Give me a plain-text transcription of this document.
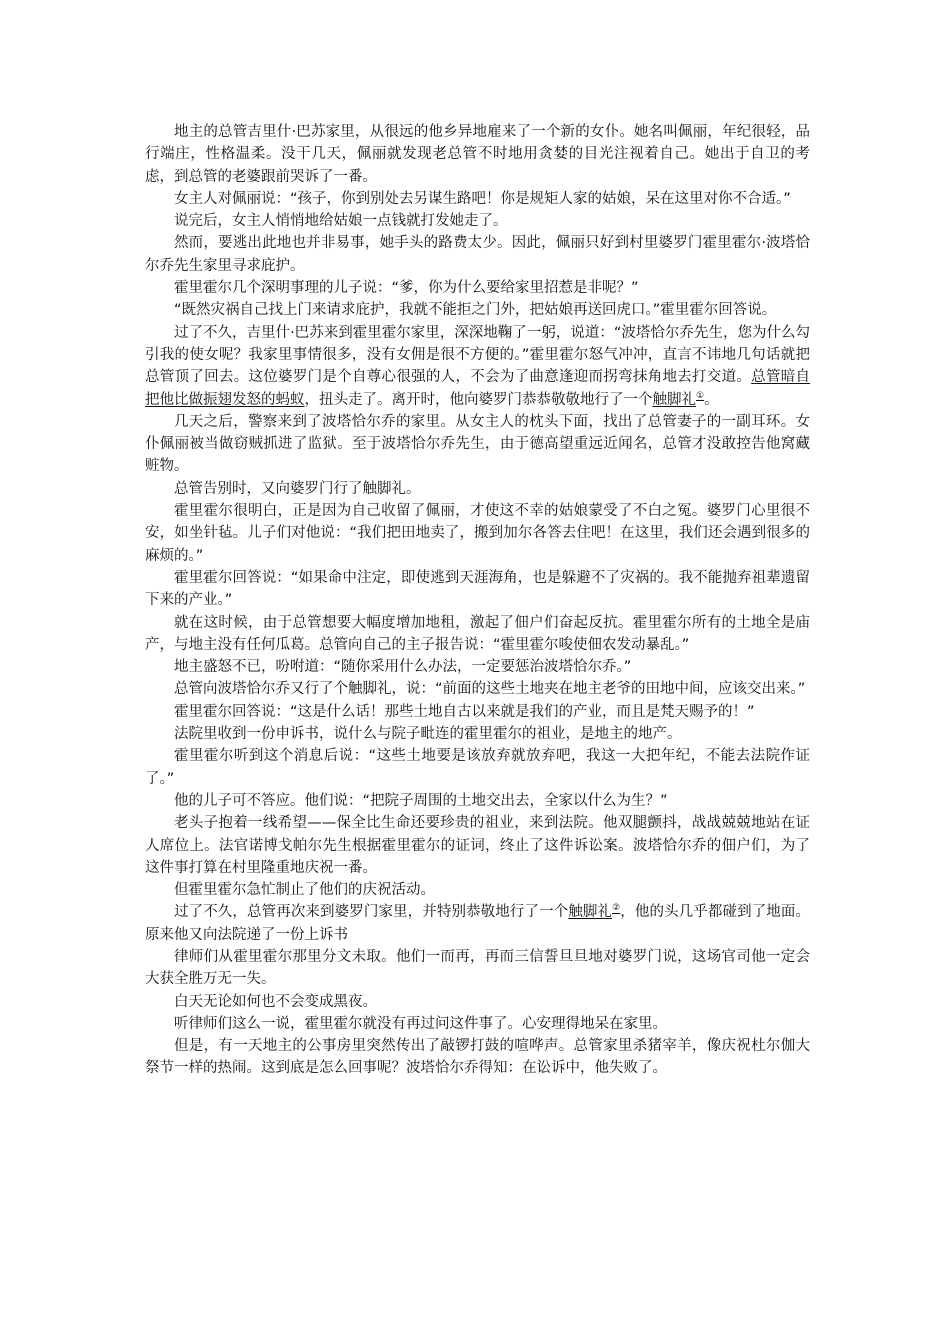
地主的总管吉里什·巴苏家里，从很远的他乡异地雇来了一个新的女仆。她名叫佩丽，年纪很轻，品行端庄，性格温柔。没干几天，佩丽就发现老总管不时地用贪婪的目光注视着自己。她出于自卫的考虑，到总管的老婆跟前哭诉了一番。

女主人对佩丽说：“孩子，你到别处去另谋生路吧！你是规矩人家的姑娘，呆在这里对你不合适。”

说完后，女主人悄悄地给姑娘一点钱就打发她走了。

然而，要逃出此地也并非易事，她手头的路费太少。因此，佩丽只好到村里婆罗门霍里霍尔·波塔恰尔乔先生家里寻求庇护。

霍里霍尔几个深明事理的儿子说：“爹，你为什么要给家里招惹是非呢？”

“既然灾祸自己找上门来请求庇护，我就不能拒之门外，把姑娘再送回虎口。”霍里霍尔回答说。

过了不久，吉里什·巴苏来到霍里霍尔家里，深深地鞠了一躬，说道：“波塔恰尔乔先生，您为什么勾引我的使女呢？我家里事情很多，没有女佣是很不方便的。”霍里霍尔怒气冲冲，直言不讳地几句话就把总管顶了回去。这位婆罗门是个自尊心很强的人，不会为了曲意逢迎而拐弯抹角地去打交道。总管暗自把他比做振翅发怒的蚂蚁，扭头走了。离开时，他向婆罗门恭恭敬敬地行了一个触脚礼①。

几天之后，警察来到了波塔恰尔乔的家里。从女主人的枕头下面，找出了总管妻子的一副耳环。女仆佩丽被当做窃贼抓进了监狱。至于波塔恰尔乔先生，由于德高望重远近闻名，总管才没敢控告他窝藏赃物。

总管告别时，又向婆罗门行了触脚礼。

霍里霍尔很明白，正是因为自己收留了佩丽，才使这不幸的姑娘蒙受了不白之冤。婆罗门心里很不安，如坐针毡。儿子们对他说：“我们把田地卖了，搬到加尔各答去住吧！在这里，我们还会遇到很多的麻烦的。”

霍里霍尔回答说：“如果命中注定，即使逃到天涯海角，也是躲避不了灾祸的。我不能抛弃祖辈遗留下来的产业。”

就在这时候，由于总管想要大幅度增加地租，激起了佃户们奋起反抗。霍里霍尔所有的土地全是庙产，与地主没有任何瓜葛。总管向自己的主子报告说：“霍里霍尔唆使佃农发动暴乱。”

地主盛怒不已，吩咐道：“随你采用什么办法，一定要惩治波塔恰尔乔。”

总管向波塔恰尔乔又行了个触脚礼，说：“前面的这些土地夹在地主老爷的田地中间，应该交出来。”

霍里霍尔回答说：“这是什么话！那些土地自古以来就是我们的产业，而且是梵天赐予的！”

法院里收到一份申诉书，说什么与院子毗连的霍里霍尔的祖业，是地主的地产。

霍里霍尔听到这个消息后说：“这些土地要是该放弃就放弃吧，我这一大把年纪，不能去法院作证了。”

他的儿子可不答应。他们说：“把院子周围的土地交出去，全家以什么为生？”

老头子抱着一线希望——保全比生命还要珍贵的祖业，来到法院。他双腿颤抖，战战兢兢地站在证人席位上。法官诺博戈帕尔先生根据霍里霍尔的证词，终止了这件诉讼案。波塔恰尔乔的佃户们，为了这件事打算在村里隆重地庆祝一番。

但霍里霍尔急忙制止了他们的庆祝活动。

过了不久，总管再次来到婆罗门家里，并特别恭敬地行了一个触脚礼②，他的头几乎都碰到了地面。原来他又向法院递了一份上诉书

律师们从霍里霍尔那里分文未取。他们一而再，再而三信誓旦旦地对婆罗门说，这场官司他一定会大获全胜万无一失。

白天无论如何也不会变成黑夜。

听律师们这么一说，霍里霍尔就没有再过问这件事了。心安理得地呆在家里。

但是，有一天地主的公事房里突然传出了敲锣打鼓的喧哗声。总管家里杀猪宰羊，像庆祝杜尔伽大祭节一样的热闹。这到底是怎么回事呢？波塔恰尔乔得知：在讼诉中，他失败了。
